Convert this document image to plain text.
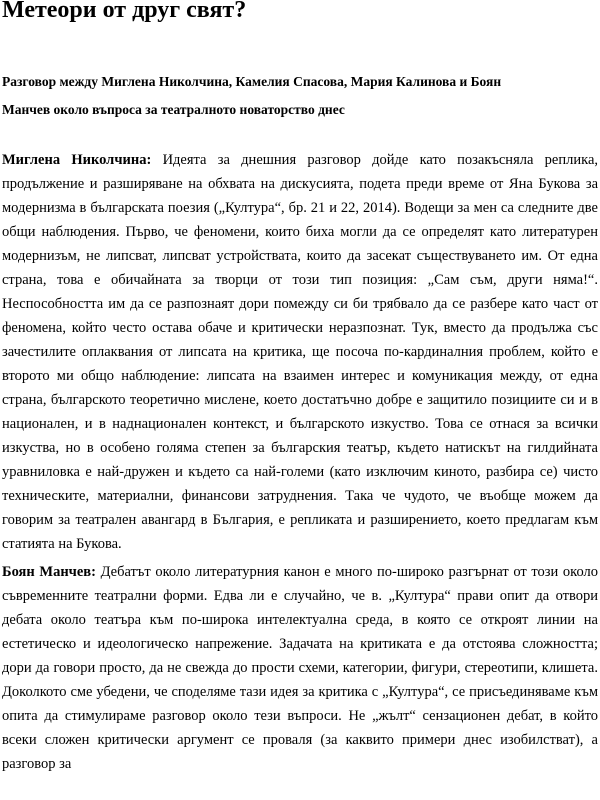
Метеори от друг свят?
Разговор между Миглена Николчина, Камелия Спасова, Мария Калинова и Боян
Манчев около въпроса за театралното новаторство днес

Миглена Николчина: Идеята за днешния разговор дойде като позакъсняла реплика, продължение и разширяване на обхвата на дискусията, подета преди време от Яна Букова за модернизма в българската поезия („Култура“, бр. 21 и 22, 2014). Водещи за мен са следните две общи наблюдения. Първо, че феномени, които биха могли да се определят като литературен модернизъм, не липсват, липсват устройствата, които да засекат съществуването им. От една страна, това е обичайната за творци от този тип позиция: „Сам съм, други няма!“. Неспособността им да се разпознаят дори помежду си би трябвало да се разбере като част от феномена, който често остава обаче и критически неразпознат. Тук, вместо да продължа със зачестилите оплаквания от липсата на критика, ще посоча по-кардиналния проблем, който е второто ми общо наблюдение: липсата на взаимен интерес и комуникация между, от една страна, българското теоретично мислене, което достатъчно добре е защитило позициите си и в национален, и в наднационален контекст, и българското изкуство. Това се отнася за всички изкуства, но в особено голяма степен за българския театър, където натискът на гилдийната уравниловка е най-дружен и където са най-големи (като изключим киното, разбира се) чисто техническите, материални, финансови затруднения. Така че чудото, че въобще можем да говорим за театрален авангард в България, е репликата и разширението, което предлагам към статията на Букова.

Боян Манчев: Дебатът около литературния канон е много по-широко разгърнат от този около съвременните театрални форми. Едва ли е случайно, че в. „Култура“ прави опит да отвори дебата около театъра към по-широка интелектуална среда, в която се откроят линии на естетическо и идеологическо напрежение. Задачата на критиката е да отстоява сложността; дори да говори просто, да не свежда до прости схеми, категории, фигури, стереотипи, клишета. Доколкото сме убедени, че споделяме тази идея за критика с „Култура“, се присъединяваме към опита да стимулираме разговор около тези въпроси. Не „жълт“ сензационен дебат, в който всеки сложен критически аргумент се проваля (за каквито примери днес изобилстват), а разговор за
